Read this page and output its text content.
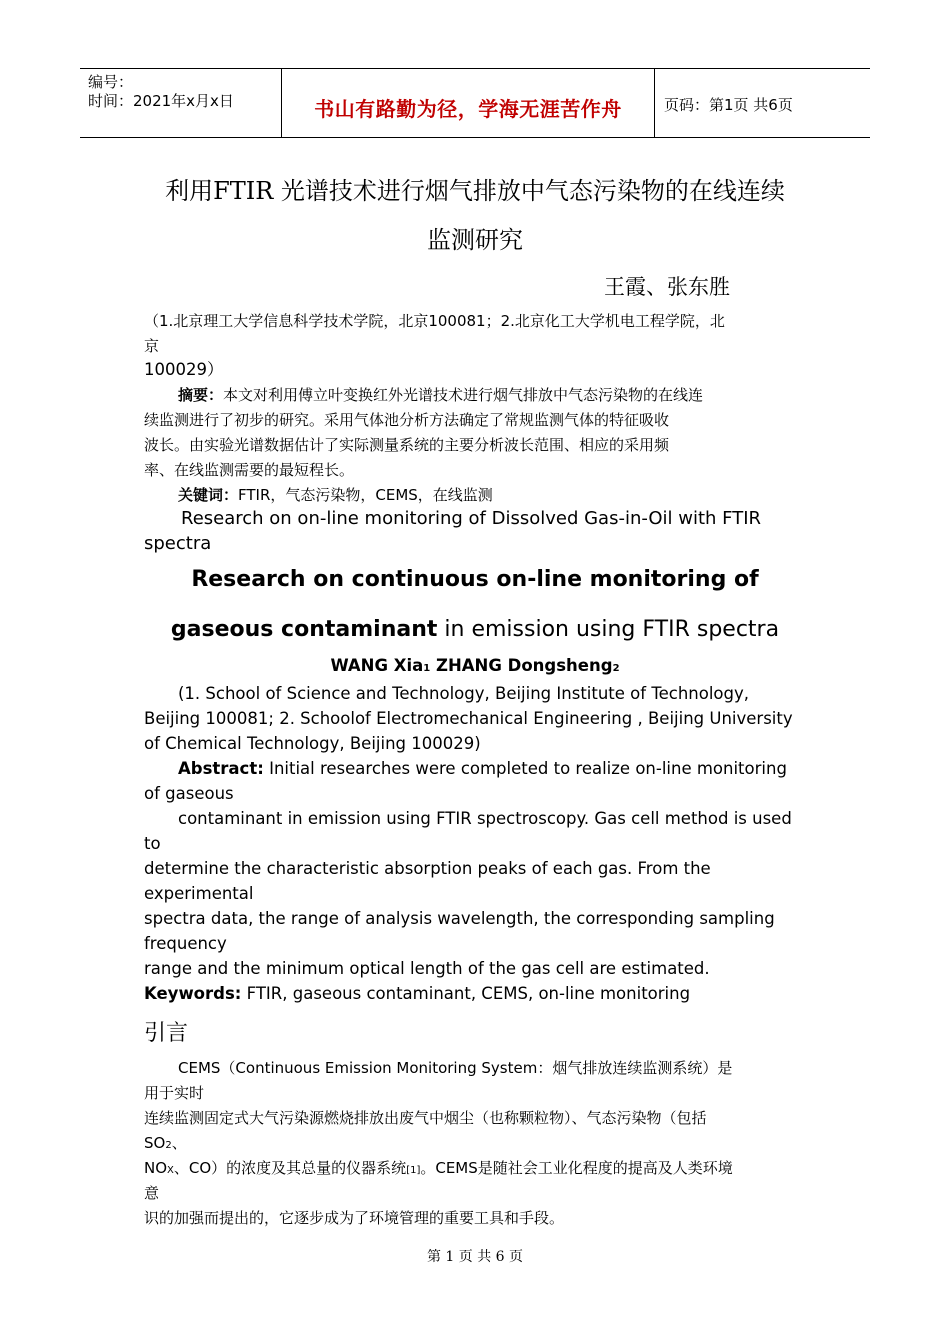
编号：
时间：2021年x月x日	书山有路勤为径，学海无涯苦作舟	页码：第1页 共6页
利用FTIR 光谱技术进行烟气排放中气态污染物的在线连续
监测研究
王霞、张东胜
（1.北京理工大学信息科学技术学院，北京100081；2.北京化工大学机电工程学院，北
京
100029）
摘要：本文对利用傅立叶变换红外光谱技术进行烟气排放中气态污染物的在线连
续监测进行了初步的研究。采用气体池分析方法确定了常规监测气体的特征吸收
波长。由实验光谱数据估计了实际测量系统的主要分析波长范围、相应的采用频
率、在线监测需要的最短程长。
关键词：FTIR，气态污染物，CEMS，在线监测
Research on on-line monitoring of Dissolved Gas-in-Oil with FTIR
spectra
Research on continuous on-line monitoring of
gaseous contaminant in emission using FTIR spectra
WANG Xia1 ZHANG Dongsheng2
(1. School of Science and Technology, Beijing Institute of Technology,
Beijing 100081; 2. Schoolof Electromechanical Engineering , Beijing University
of Chemical Technology, Beijing 100029)
Abstract: Initial researches were completed to realize on-line monitoring
of gaseous
contaminant in emission using FTIR spectroscopy. Gas cell method is used
to
determine the characteristic absorption peaks of each gas. From the
experimental
spectra data, the range of analysis wavelength, the corresponding sampling
frequency
range and the minimum optical length of the gas cell are estimated.
Keywords: FTIR, gaseous contaminant, CEMS, on-line monitoring
引言
CEMS（Continuous Emission Monitoring System：烟气排放连续监测系统）是
用于实时
连续监测固定式大气污染源燃烧排放出废气中烟尘（也称颗粒物）、气态污染物（包括
SO2、
NOX、CO）的浓度及其总量的仪器系统[1]。CEMS是随社会工业化程度的提高及人类环境
意
识的加强而提出的，它逐步成为了环境管理的重要工具和手段。
第 1 页 共 6 页
